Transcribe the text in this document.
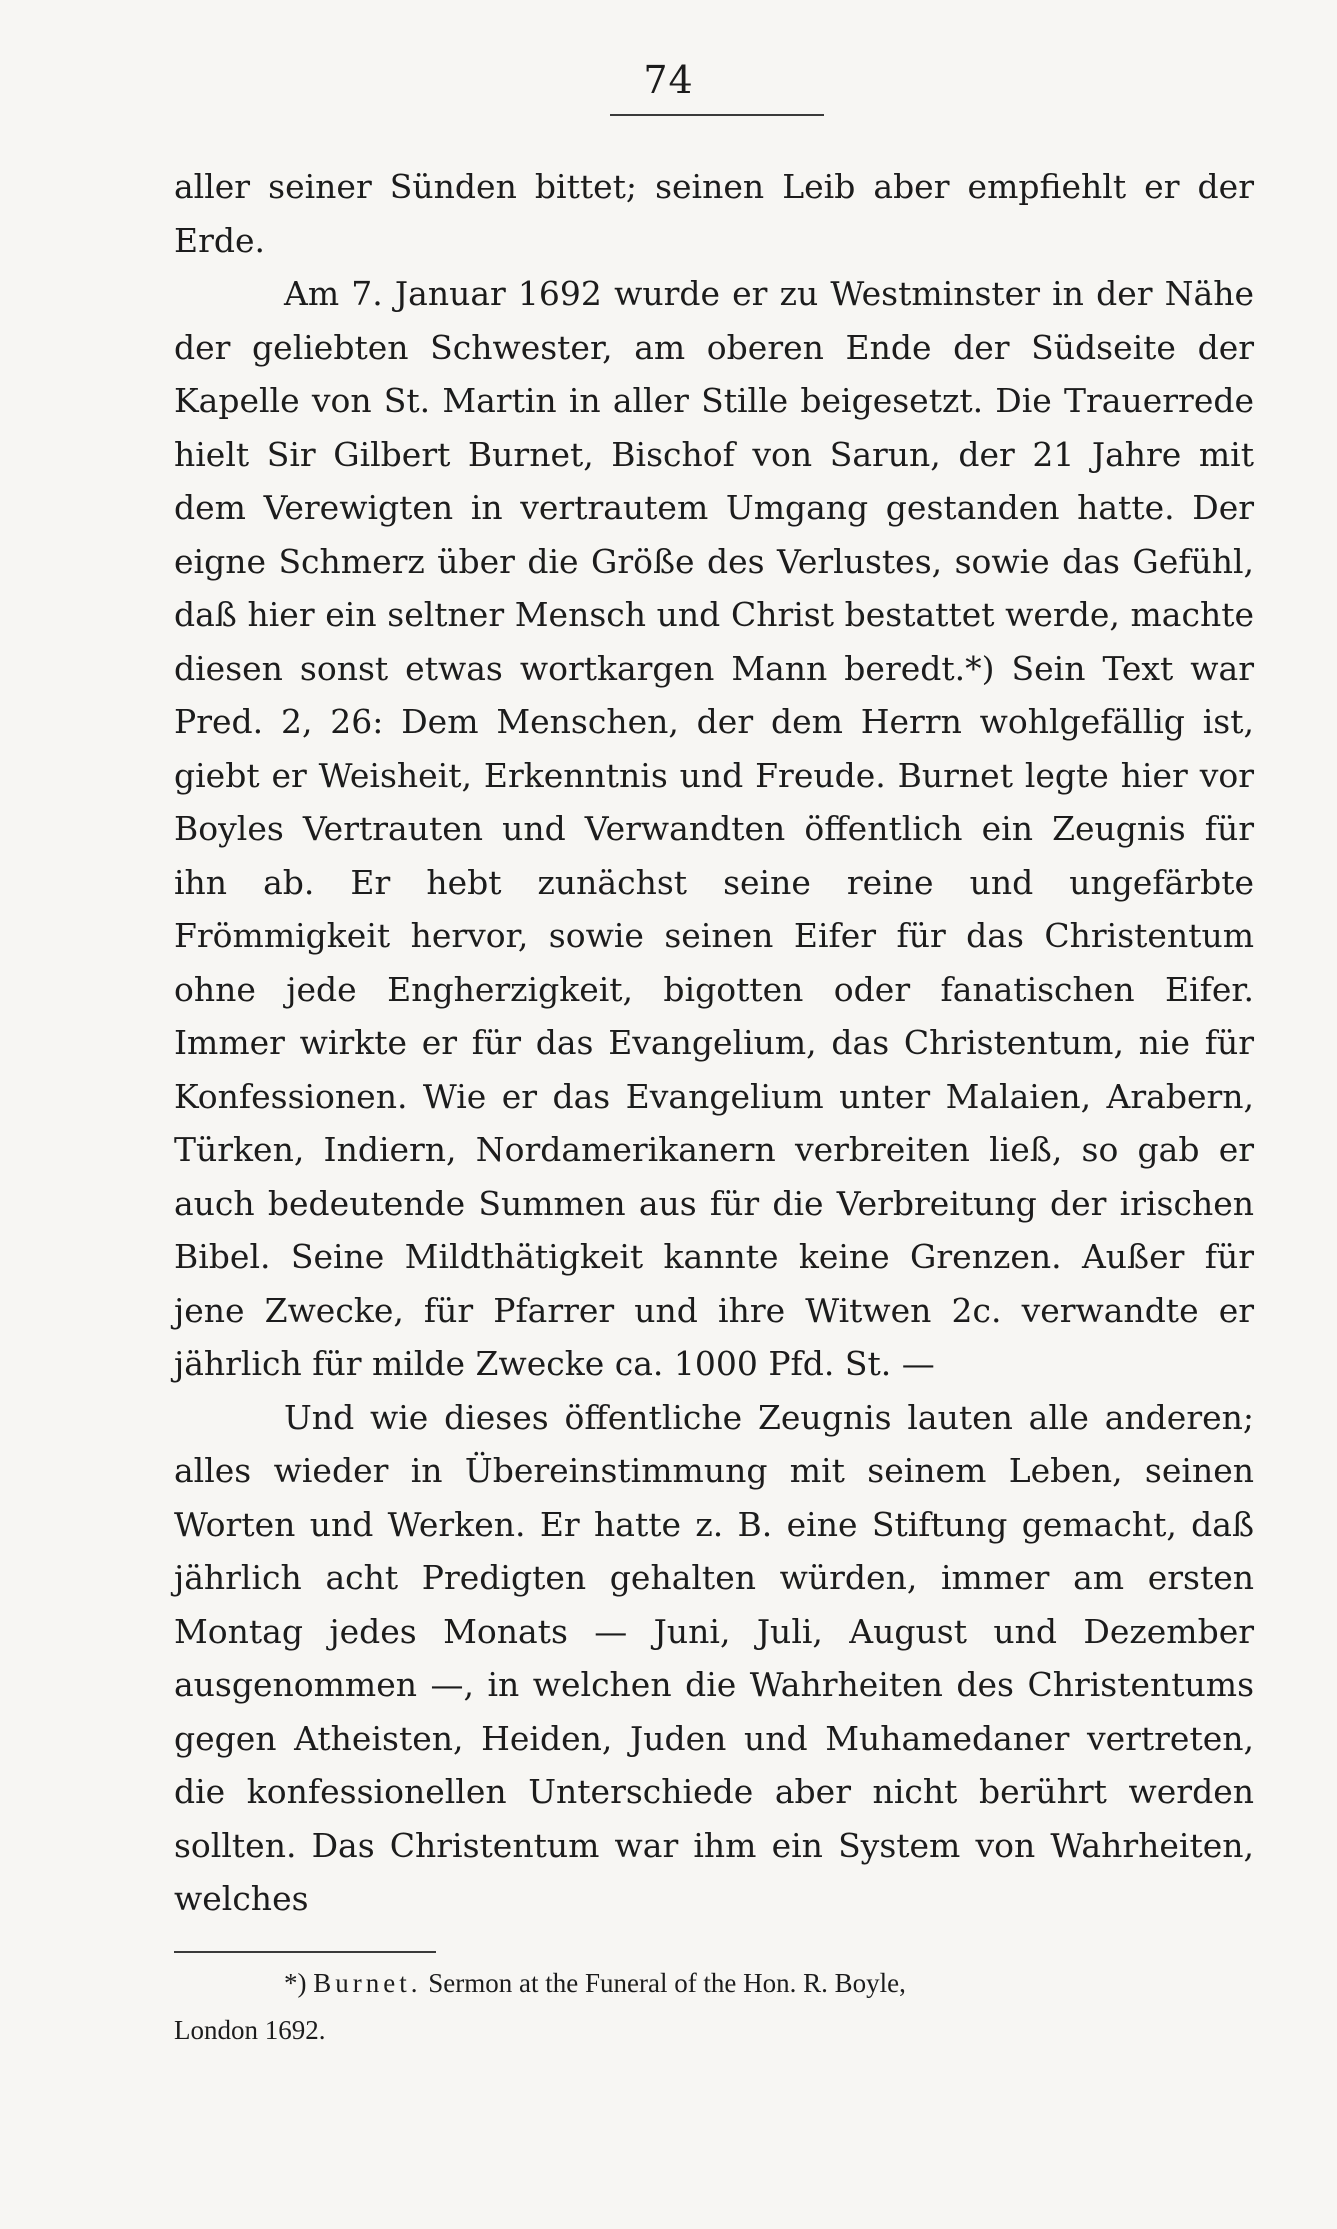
74

aller seiner Sünden bittet; seinen Leib aber empfiehlt er der Erde.

Am 7. Januar 1692 wurde er zu Westminster in der Nähe der geliebten Schwester, am oberen Ende der Südseite der Kapelle von St. Martin in aller Stille beigesetzt. Die Trauerrede hielt Sir Gilbert Burnet, Bischof von Sarun, der 21 Jahre mit dem Verewigten in vertrautem Umgang gestanden hatte. Der eigne Schmerz über die Größe des Verlustes, sowie das Gefühl, daß hier ein seltner Mensch und Christ bestattet werde, machte diesen sonst etwas wortkargen Mann beredt.*) Sein Text war Pred. 2, 26: Dem Menschen, der dem Herrn wohlgefällig ist, giebt er Weisheit, Erkenntnis und Freude. Burnet legte hier vor Boyles Vertrauten und Verwandten öffentlich ein Zeugnis für ihn ab. Er hebt zunächst seine reine und ungefärbte Frömmigkeit hervor, sowie seinen Eifer für das Christentum ohne jede Engherzigkeit, bigotten oder fanatischen Eifer. Immer wirkte er für das Evangelium, das Christentum, nie für Konfessionen. Wie er das Evangelium unter Malaien, Arabern, Türken, Indiern, Nordamerikanern verbreiten ließ, so gab er auch bedeutende Summen aus für die Verbreitung der irischen Bibel. Seine Mildthätigkeit kannte keine Grenzen. Außer für jene Zwecke, für Pfarrer und ihre Witwen 2c. verwandte er jährlich für milde Zwecke ca. 1000 Pfd. St. —

Und wie dieses öffentliche Zeugnis lauten alle anderen; alles wieder in Übereinstimmung mit seinem Leben, seinen Worten und Werken. Er hatte z. B. eine Stiftung gemacht, daß jährlich acht Predigten gehalten würden, immer am ersten Montag jedes Monats — Juni, Juli, August und Dezember ausgenommen —, in welchen die Wahrheiten des Christentums gegen Atheisten, Heiden, Juden und Muhamedaner vertreten, die konfessionellen Unterschiede aber nicht berührt werden sollten. Das Christentum war ihm ein System von Wahrheiten, welches

*) Burnet. Sermon at the Funeral of the Hon. R. Boyle,
London 1692.
